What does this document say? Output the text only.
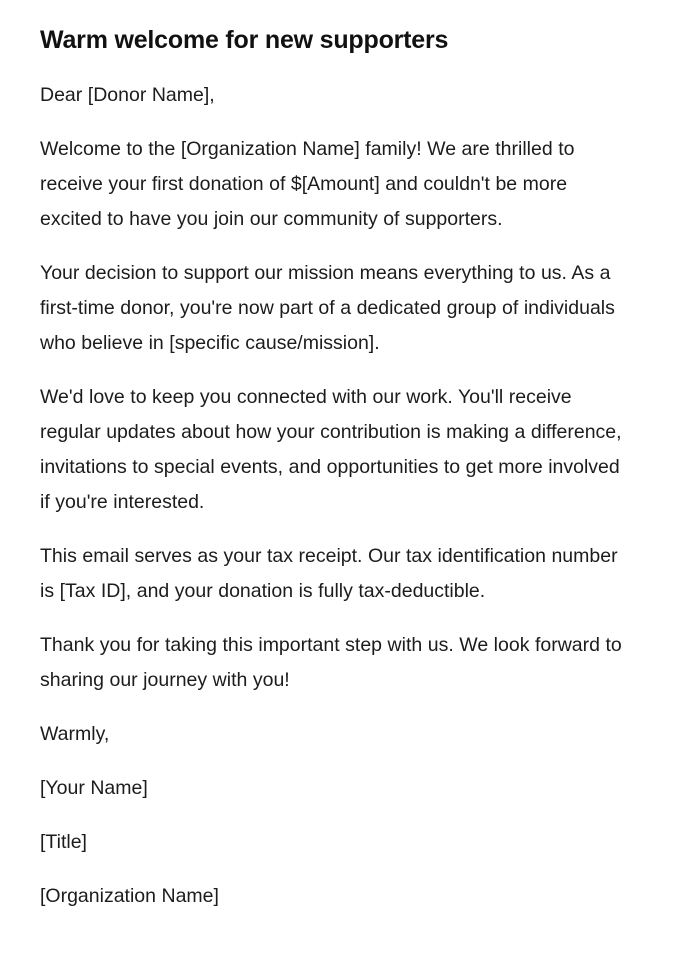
Warm welcome for new supporters

Dear [Donor Name],

Welcome to the [Organization Name] family! We are thrilled to receive your first donation of $[Amount] and couldn't be more excited to have you join our community of supporters.

Your decision to support our mission means everything to us. As a first-time donor, you're now part of a dedicated group of individuals who believe in [specific cause/mission].

We'd love to keep you connected with our work. You'll receive regular updates about how your contribution is making a difference, invitations to special events, and opportunities to get more involved if you're interested.

This email serves as your tax receipt. Our tax identification number is [Tax ID], and your donation is fully tax-deductible.

Thank you for taking this important step with us. We look forward to sharing our journey with you!

Warmly,

[Your Name]

[Title]

[Organization Name]
